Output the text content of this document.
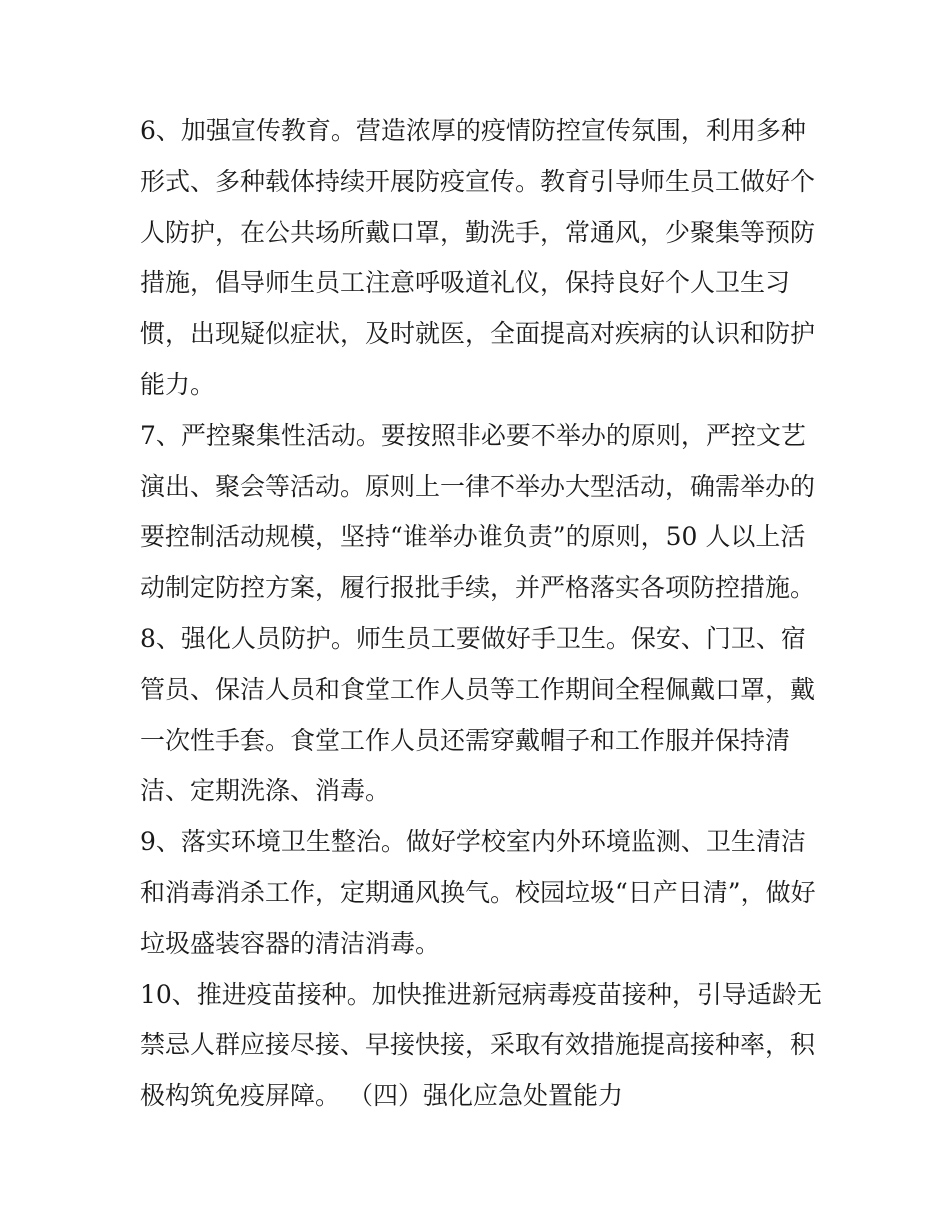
6、加强宣传教育。营造浓厚的疫情防控宣传氛围，利用多种
形式、多种载体持续开展防疫宣传。教育引导师生员工做好个
人防护，在公共场所戴口罩，勤洗手，常通风，少聚集等预防
措施，倡导师生员工注意呼吸道礼仪，保持良好个人卫生习
惯，出现疑似症状，及时就医，全面提高对疾病的认识和防护
能力。

7、严控聚集性活动。要按照非必要不举办的原则，严控文艺
演出、聚会等活动。原则上一律不举办大型活动，确需举办的
要控制活动规模，坚持“谁举办谁负责”的原则，50 人以上活
动制定防控方案，履行报批手续，并严格落实各项防控措施。

8、强化人员防护。师生员工要做好手卫生。保安、门卫、宿
管员、保洁人员和食堂工作人员等工作期间全程佩戴口罩，戴
一次性手套。食堂工作人员还需穿戴帽子和工作服并保持清
洁、定期洗涤、消毒。

9、落实环境卫生整治。做好学校室内外环境监测、卫生清洁
和消毒消杀工作，定期通风换气。校园垃圾“日产日清”，做好
垃圾盛装容器的清洁消毒。

10、推进疫苗接种。加快推进新冠病毒疫苗接种，引导适龄无
禁忌人群应接尽接、早接快接，采取有效措施提高接种率，积
极构筑免疫屏障。 （四）强化应急处置能力
